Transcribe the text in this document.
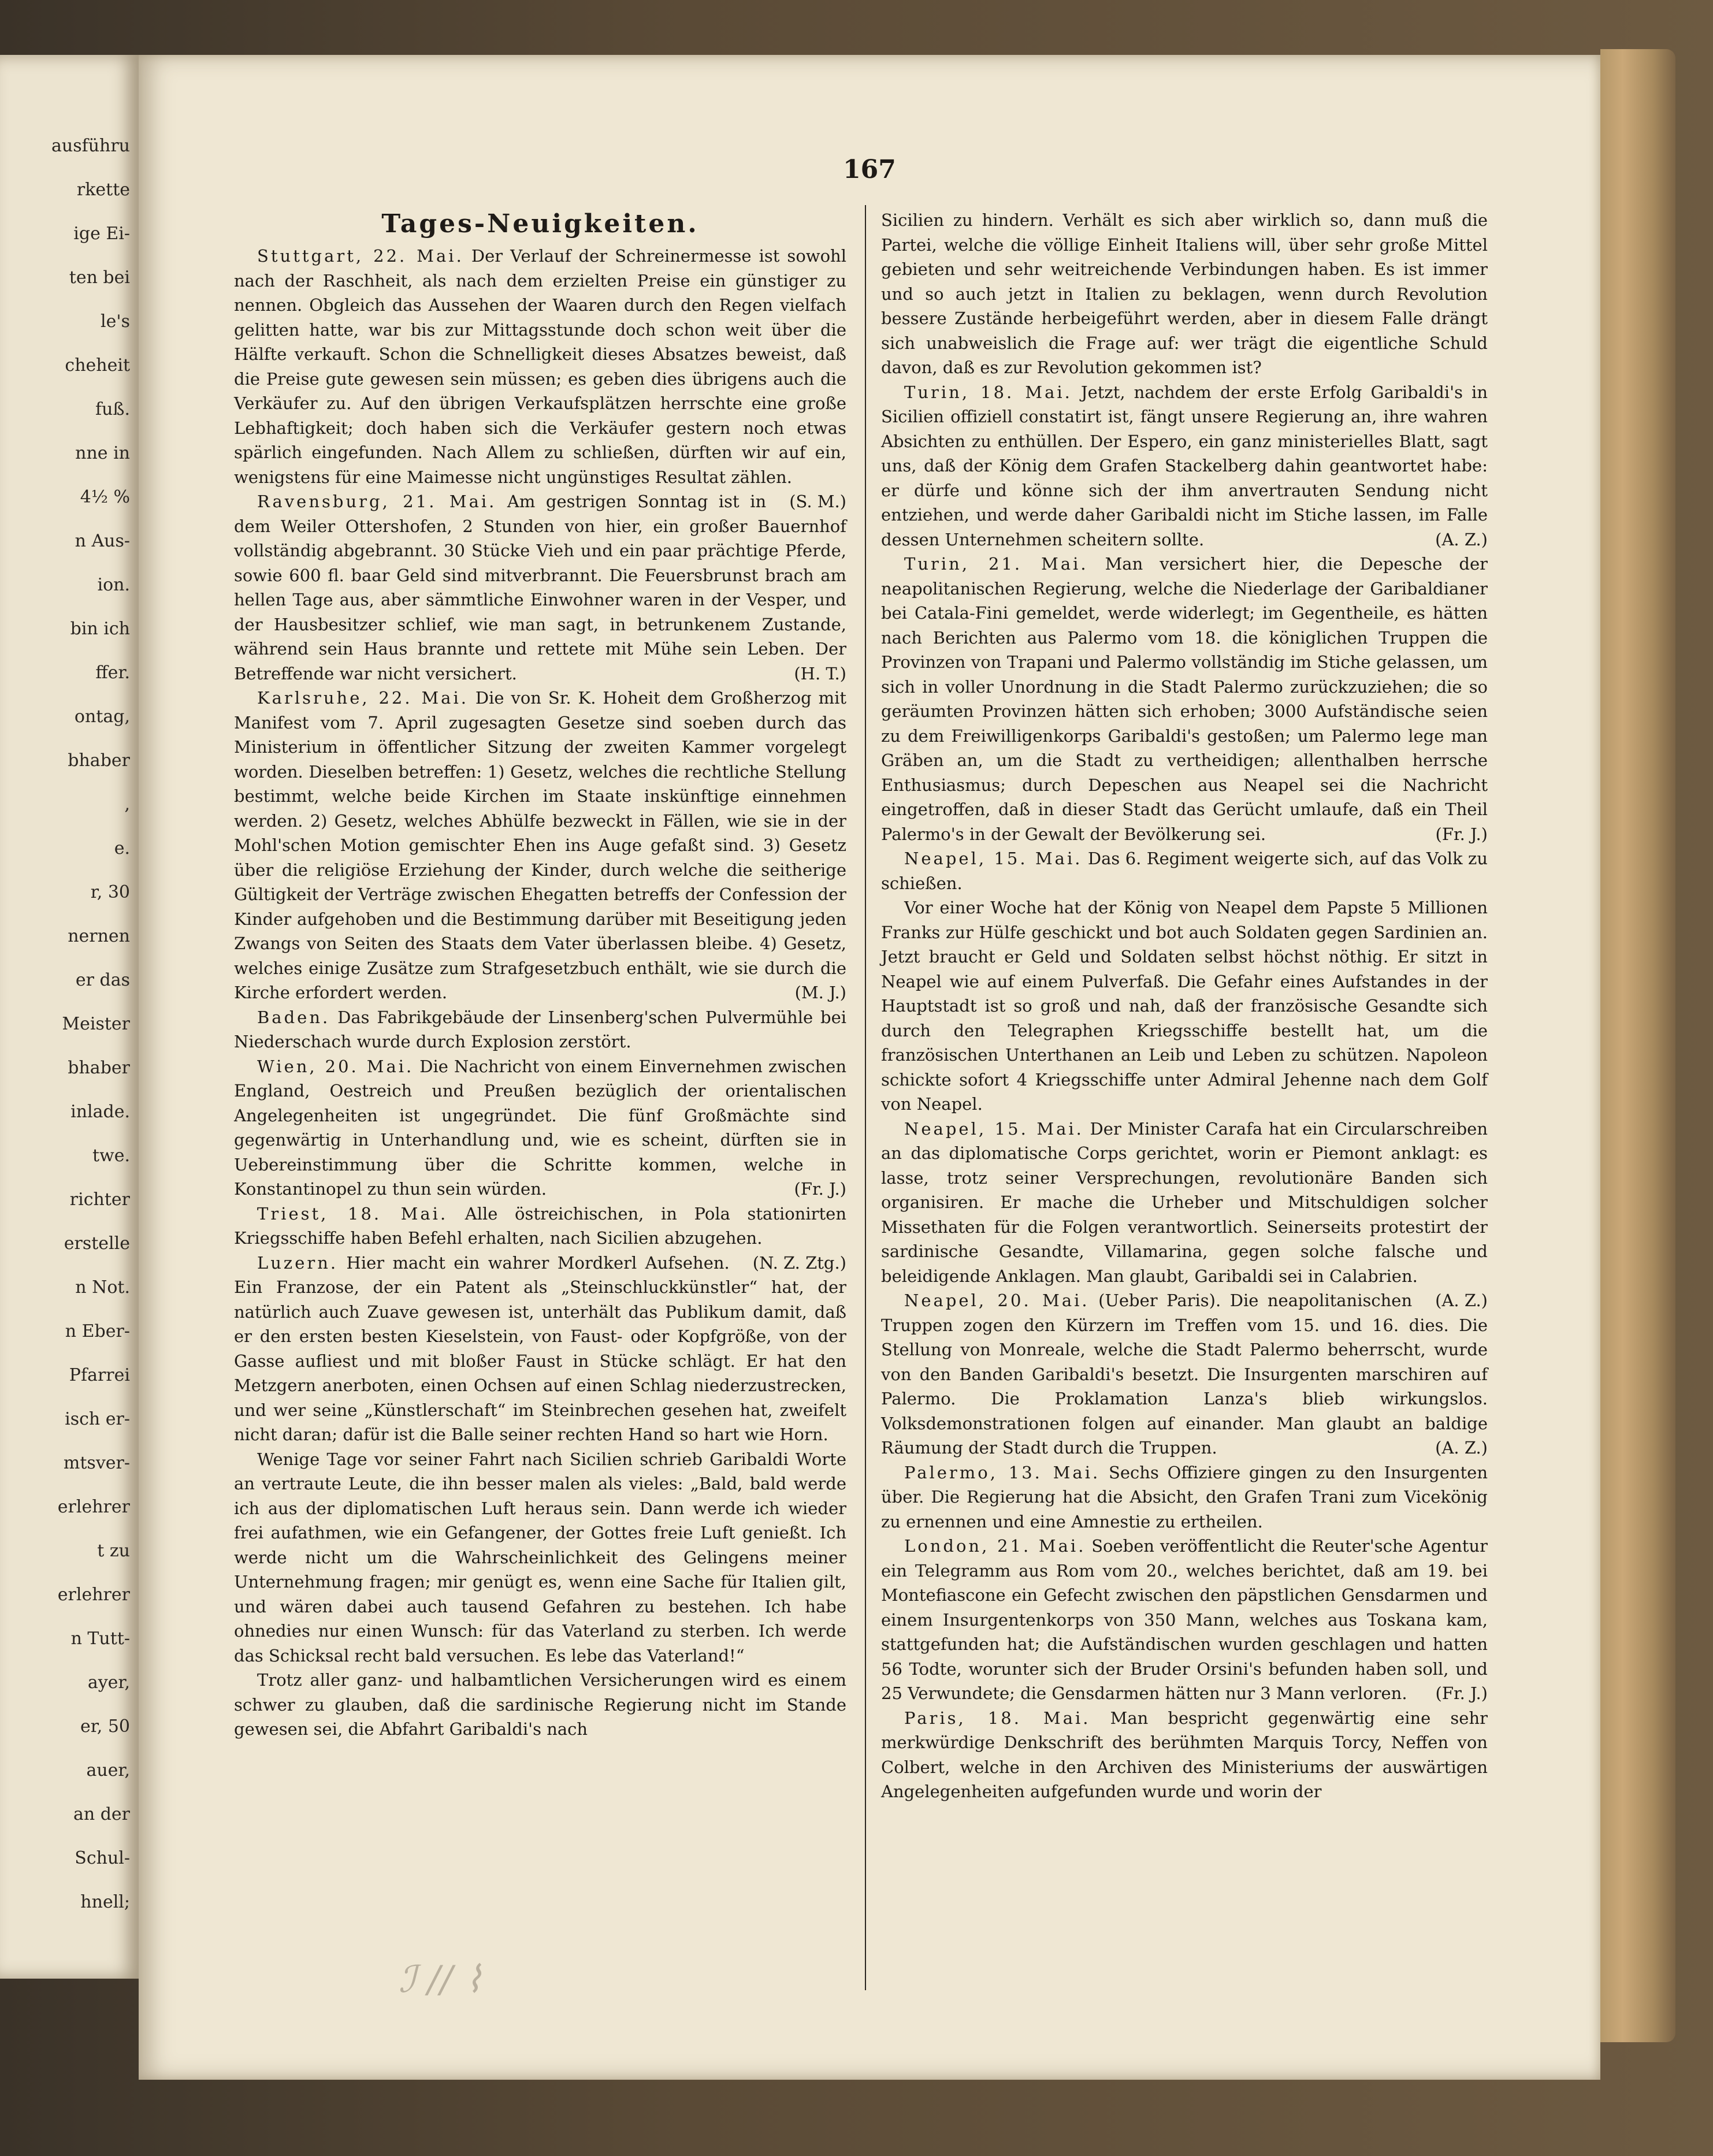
ausführu
rkette
ige Ei-
ten bei
le's
cheheit
fuß.
nne in
4½ %
n Aus-
ion.
bin ich
ffer.
ontag,
bhaber
,
e.
r, 30
nernen
er das
Meister
bhaber
inlade.
twe.
richter
erstelle
n Not.
n Eber-
Pfarrei
isch er-
mtsver-
erlehrer
t zu
erlehrer
n Tutt-
ayer,
er, 50
auer,
an der
Schul-
hnell;
167
Tages-Neuigkeiten.

Stuttgart, 22. Mai. Der Verlauf der Schreinermesse ist sowohl nach der Raschheit, als nach dem erzielten Preise ein günstiger zu nennen. Obgleich das Aussehen der Waaren durch den Regen vielfach gelitten hatte, war bis zur Mittagsstunde doch schon weit über die Hälfte verkauft. Schon die Schnelligkeit dieses Absatzes beweist, daß die Preise gute gewesen sein müssen; es geben dies übrigens auch die Verkäufer zu. Auf den übrigen Verkaufsplätzen herrschte eine große Lebhaftigkeit; doch haben sich die Verkäufer gestern noch etwas spärlich eingefunden. Nach Allem zu schließen, dürften wir auf ein, wenigstens für eine Maimesse nicht ungünstiges Resultat zählen.
(S. M.)

Ravensburg, 21. Mai. Am gestrigen Sonntag ist in dem Weiler Ottershofen, 2 Stunden von hier, ein großer Bauernhof vollständig abgebrannt. 30 Stücke Vieh und ein paar prächtige Pferde, sowie 600 fl. baar Geld sind mitverbrannt. Die Feuersbrunst brach am hellen Tage aus, aber sämmtliche Einwohner waren in der Vesper, und der Hausbesitzer schlief, wie man sagt, in betrunkenem Zustande, während sein Haus brannte und rettete mit Mühe sein Leben. Der Betreffende war nicht versichert.	(H. T.)

Karlsruhe, 22. Mai. Die von Sr. K. Hoheit dem Großherzog mit Manifest vom 7. April zugesagten Gesetze sind soeben durch das Ministerium in öffentlicher Sitzung der zweiten Kammer vorgelegt worden. Dieselben betreffen: 1) Gesetz, welches die rechtliche Stellung bestimmt, welche beide Kirchen im Staate inskünftige einnehmen werden. 2) Gesetz, welches Abhülfe bezweckt in Fällen, wie sie in der Mohl'schen Motion gemischter Ehen ins Auge gefaßt sind. 3) Gesetz über die religiöse Erziehung der Kinder, durch welche die seitherige Gültigkeit der Verträge zwischen Ehegatten betreffs der Confession der Kinder aufgehoben und die Bestimmung darüber mit Beseitigung jeden Zwangs von Seiten des Staats dem Vater überlassen bleibe. 4) Gesetz, welches einige Zusätze zum Strafgesetzbuch enthält, wie sie durch die Kirche erfordert werden.	(M. J.)

Baden. Das Fabrikgebäude der Linsenberg'schen Pulvermühle bei Niederschach wurde durch Explosion zerstört.

Wien, 20. Mai. Die Nachricht von einem Einvernehmen zwischen England, Oestreich und Preußen bezüglich der orientalischen Angelegenheiten ist ungegründet. Die fünf Großmächte sind gegenwärtig in Unterhandlung und, wie es scheint, dürften sie in Uebereinstimmung über die Schritte kommen, welche in Konstantinopel zu thun sein würden.	(Fr. J.)

Triest, 18. Mai. Alle östreichischen, in Pola stationirten Kriegsschiffe haben Befehl erhalten, nach Sicilien abzugehen.
(N. Z. Ztg.)

Luzern. Hier macht ein wahrer Mordkerl Aufsehen. Ein Franzose, der ein Patent als „Steinschluckkünstler“ hat, der natürlich auch Zuave gewesen ist, unterhält das Publikum damit, daß er den ersten besten Kieselstein, von Faust- oder Kopfgröße, von der Gasse aufliest und mit bloßer Faust in Stücke schlägt. Er hat den Metzgern anerboten, einen Ochsen auf einen Schlag niederzustrecken, und wer seine „Künstlerschaft“ im Steinbrechen gesehen hat, zweifelt nicht daran; dafür ist die Balle seiner rechten Hand so hart wie Horn.

Wenige Tage vor seiner Fahrt nach Sicilien schrieb Garibaldi Worte an vertraute Leute, die ihn besser malen als vieles: „Bald, bald werde ich aus der diplomatischen Luft heraus sein. Dann werde ich wieder frei aufathmen, wie ein Gefangener, der Gottes freie Luft genießt. Ich werde nicht um die Wahrscheinlichkeit des Gelingens meiner Unternehmung fragen; mir genügt es, wenn eine Sache für Italien gilt, und wären dabei auch tausend Gefahren zu bestehen. Ich habe ohnedies nur einen Wunsch: für das Vaterland zu sterben. Ich werde das Schicksal recht bald versuchen. Es lebe das Vaterland!“

Trotz aller ganz- und halbamtlichen Versicherungen wird es einem schwer zu glauben, daß die sardinische Regierung nicht im Stande gewesen sei, die Abfahrt Garibaldi's nach

Sicilien zu hindern. Verhält es sich aber wirklich so, dann muß die Partei, welche die völlige Einheit Italiens will, über sehr große Mittel gebieten und sehr weitreichende Verbindungen haben. Es ist immer und so auch jetzt in Italien zu beklagen, wenn durch Revolution bessere Zustände herbeigeführt werden, aber in diesem Falle drängt sich unabweislich die Frage auf: wer trägt die eigentliche Schuld davon, daß es zur Revolution gekommen ist?

Turin, 18. Mai. Jetzt, nachdem der erste Erfolg Garibaldi's in Sicilien offiziell constatirt ist, fängt unsere Regierung an, ihre wahren Absichten zu enthüllen. Der Espero, ein ganz ministerielles Blatt, sagt uns, daß der König dem Grafen Stackelberg dahin geantwortet habe: er dürfe und könne sich der ihm anvertrauten Sendung nicht entziehen, und werde daher Garibaldi nicht im Stiche lassen, im Falle dessen Unternehmen scheitern sollte.	(A. Z.)

Turin, 21. Mai. Man versichert hier, die Depesche der neapolitanischen Regierung, welche die Niederlage der Garibaldianer bei Catala-Fini gemeldet, werde widerlegt; im Gegentheile, es hätten nach Berichten aus Palermo vom 18. die königlichen Truppen die Provinzen von Trapani und Palermo vollständig im Stiche gelassen, um sich in voller Unordnung in die Stadt Palermo zurückzuziehen; die so geräumten Provinzen hätten sich erhoben; 3000 Aufständische seien zu dem Freiwilligenkorps Garibaldi's gestoßen; um Palermo lege man Gräben an, um die Stadt zu vertheidigen; allenthalben herrsche Enthusiasmus; durch Depeschen aus Neapel sei die Nachricht eingetroffen, daß in dieser Stadt das Gerücht umlaufe, daß ein Theil Palermo's in der Gewalt der Bevölkerung sei.	(Fr. J.)

Neapel, 15. Mai. Das 6. Regiment weigerte sich, auf das Volk zu schießen.

Vor einer Woche hat der König von Neapel dem Papste 5 Millionen Franks zur Hülfe geschickt und bot auch Soldaten gegen Sardinien an. Jetzt braucht er Geld und Soldaten selbst höchst nöthig. Er sitzt in Neapel wie auf einem Pulverfaß. Die Gefahr eines Aufstandes in der Hauptstadt ist so groß und nah, daß der französische Gesandte sich durch den Telegraphen Kriegsschiffe bestellt hat, um die französischen Unterthanen an Leib und Leben zu schützen. Napoleon schickte sofort 4 Kriegsschiffe unter Admiral Jehenne nach dem Golf von Neapel.

Neapel, 15. Mai. Der Minister Carafa hat ein Circularschreiben an das diplomatische Corps gerichtet, worin er Piemont anklagt: es lasse, trotz seiner Versprechungen, revolutionäre Banden sich organisiren. Er mache die Urheber und Mitschuldigen solcher Missethaten für die Folgen verantwortlich. Seinerseits protestirt der sardinische Gesandte, Villamarina, gegen solche falsche und beleidigende Anklagen. Man glaubt, Garibaldi sei in Calabrien.
(A. Z.)

Neapel, 20. Mai. (Ueber Paris). Die neapolitanischen Truppen zogen den Kürzern im Treffen vom 15. und 16. dies. Die Stellung von Monreale, welche die Stadt Palermo beherrscht, wurde von den Banden Garibaldi's besetzt. Die Insurgenten marschiren auf Palermo. Die Proklamation Lanza's blieb wirkungslos. Volksdemonstrationen folgen auf einander. Man glaubt an baldige Räumung der Stadt durch die Truppen.	(A. Z.)

Palermo, 13. Mai. Sechs Offiziere gingen zu den Insurgenten über. Die Regierung hat die Absicht, den Grafen Trani zum Vicekönig zu ernennen und eine Amnestie zu ertheilen.

London, 21. Mai. Soeben veröffentlicht die Reuter'sche Agentur ein Telegramm aus Rom vom 20., welches berichtet, daß am 19. bei Montefiascone ein Gefecht zwischen den päpstlichen Gensdarmen und einem Insurgentenkorps von 350 Mann, welches aus Toskana kam, stattgefunden hat; die Aufständischen wurden geschlagen und hatten 56 Todte, worunter sich der Bruder Orsini's befunden haben soll, und 25 Verwundete; die Gensdarmen hätten nur 3 Mann verloren.	(Fr. J.)

Paris, 18. Mai. Man bespricht gegenwärtig eine sehr merkwürdige Denkschrift des berühmten Marquis Torcy, Neffen von Colbert, welche in den Archiven des Ministeriums der auswärtigen Angelegenheiten aufgefunden wurde und worin der

ℐ ∕∕ ⌇
